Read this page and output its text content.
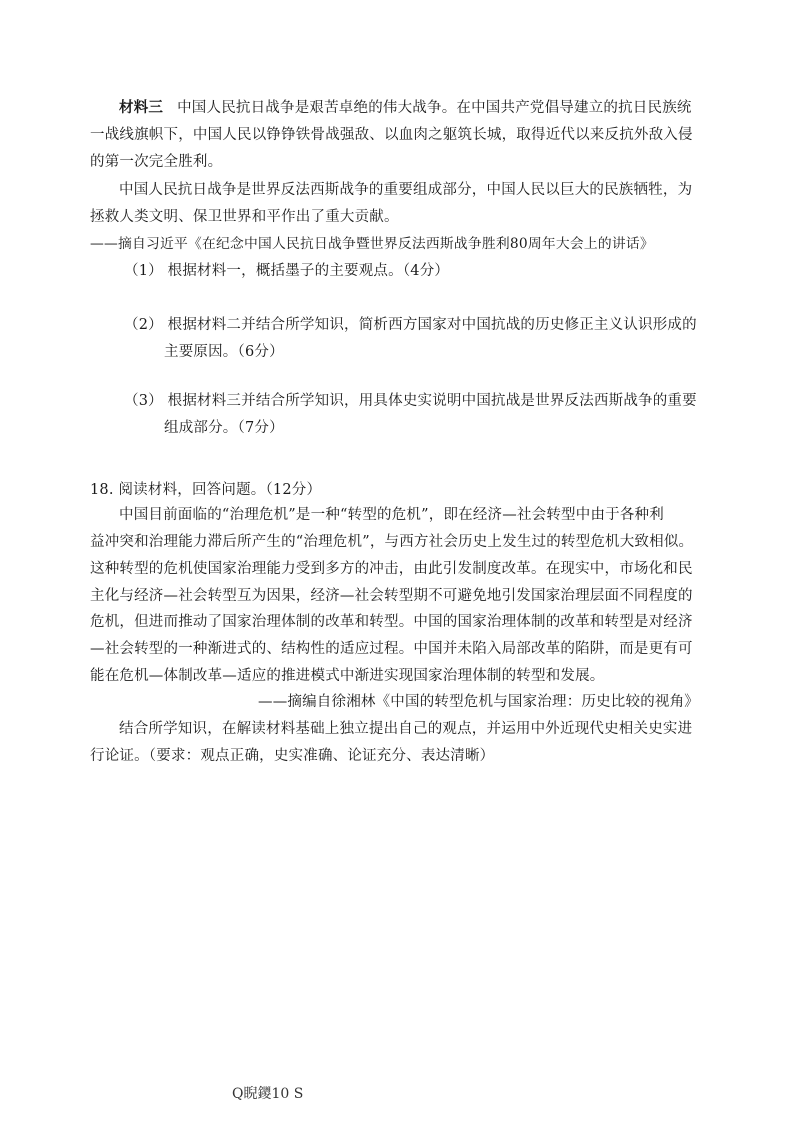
材料三 中国人民抗日战争是艰苦卓绝的伟大战争。在中国共产党倡导建立的抗日民族统
一战线旗帜下，中国人民以铮铮铁骨战强敌、以血肉之躯筑长城，取得近代以来反抗外敌入侵
的第一次完全胜利。
中国人民抗日战争是世界反法西斯战争的重要组成部分，中国人民以巨大的民族牺牲，为
拯救人类文明、保卫世界和平作出了重大贡献。
——摘自习近平《在纪念中国人民抗日战争暨世界反法西斯战争胜利80周年大会上的讲话》
（1） 根据材料一，概括墨子的主要观点。（4分）
（2） 根据材料二并结合所学知识，简析西方国家对中国抗战的历史修正主义认识形成的
主要原因。（6分）
（3） 根据材料三并结合所学知识，用具体史实说明中国抗战是世界反法西斯战争的重要
组成部分。（7分）
18. 阅读材料，回答问题。（12分）
中国目前面临的“治理危机”是一种“转型的危机”，即在经济—社会转型中由于各种利
益冲突和治理能力滞后所产生的“治理危机”，与西方社会历史上发生过的转型危机大致相似。
这种转型的危机使国家治理能力受到多方的冲击，由此引发制度改革。在现实中，市场化和民
主化与经济—社会转型互为因果，经济—社会转型期不可避免地引发国家治理层面不同程度的
危机，但进而推动了国家治理体制的改革和转型。中国的国家治理体制的改革和转型是对经济
—社会转型的一种渐进式的、结构性的适应过程。中国并未陷入局部改革的陷阱，而是更有可
能在危机—体制改革—适应的推进模式中渐进实现国家治理体制的转型和发展。
——摘编自徐湘林《中国的转型危机与国家治理：历史比较的视角》
结合所学知识，在解读材料基础上独立提出自己的观点，并运用中外近现代史相关史实进
行论证。（要求：观点正确，史实准确、论证充分、表达清晰）
Q睨鑁10 S
